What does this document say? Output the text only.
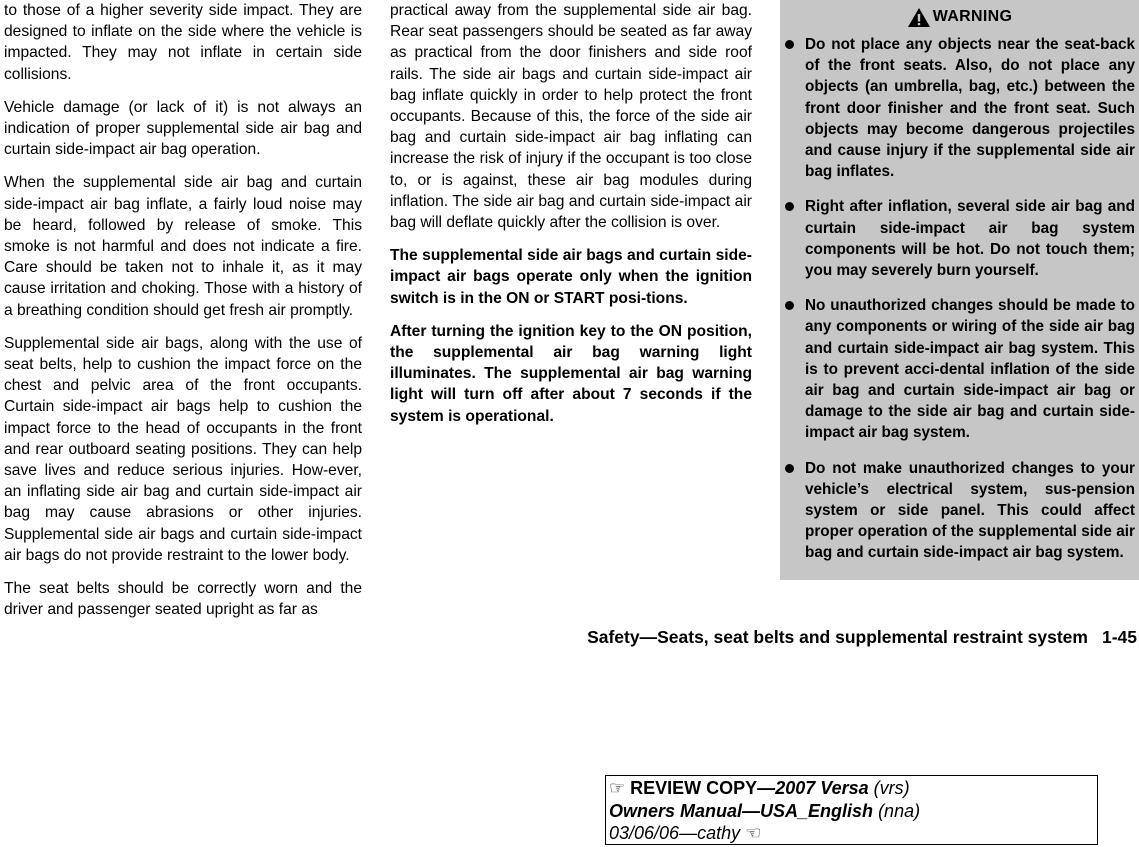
to those of a higher severity side impact. They are designed to inflate on the side where the vehicle is impacted. They may not inflate in certain side collisions.

Vehicle damage (or lack of it) is not always an indication of proper supplemental side air bag and curtain side-impact air bag operation.

When the supplemental side air bag and curtain side-impact air bag inflate, a fairly loud noise may be heard, followed by release of smoke. This smoke is not harmful and does not indicate a fire. Care should be taken not to inhale it, as it may cause irritation and choking. Those with a history of a breathing condition should get fresh air promptly.

Supplemental side air bags, along with the use of seat belts, help to cushion the impact force on the chest and pelvic area of the front occupants. Curtain side-impact air bags help to cushion the impact force to the head of occupants in the front and rear outboard seating positions. They can help save lives and reduce serious injuries. How-ever, an inflating side air bag and curtain side-impact air bag may cause abrasions or other injuries. Supplemental side air bags and curtain side-impact air bags do not provide restraint to the lower body.

The seat belts should be correctly worn and the driver and passenger seated upright as far as

practical away from the supplemental side air bag. Rear seat passengers should be seated as far away as practical from the door finishers and side roof rails. The side air bags and curtain side-impact air bag inflate quickly in order to help protect the front occupants. Because of this, the force of the side air bag and curtain side-impact air bag inflating can increase the risk of injury if the occupant is too close to, or is against, these air bag modules during inflation. The side air bag and curtain side-impact air bag will deflate quickly after the collision is over.

The supplemental side air bags and curtain side-impact air bags operate only when the ignition switch is in the ON or START posi-tions.

After turning the ignition key to the ON position, the supplemental air bag warning light illuminates. The supplemental air bag warning light will turn off after about 7 seconds if the system is operational.

WARNING
Do not place any objects near the seat-back of the front seats. Also, do not place any objects (an umbrella, bag, etc.) between the front door finisher and the front seat. Such objects may become dangerous projectiles and cause injury if the supplemental side air bag inflates.
Right after inflation, several side air bag and curtain side-impact air bag system components will be hot. Do not touch them; you may severely burn yourself.
No unauthorized changes should be made to any components or wiring of the side air bag and curtain side-impact air bag system. This is to prevent acci-dental inflation of the side air bag and curtain side-impact air bag or damage to the side air bag and curtain side-impact air bag system.
Do not make unauthorized changes to your vehicle’s electrical system, sus-pension system or side panel. This could affect proper operation of the supplemental side air bag and curtain side-impact air bag system.
Safety—Seats, seat belts and supplemental restraint system 1-45
☞ REVIEW COPY—2007 Versa (vrs)
Owners Manual—USA_English (nna)
03/06/06—cathy ☜
